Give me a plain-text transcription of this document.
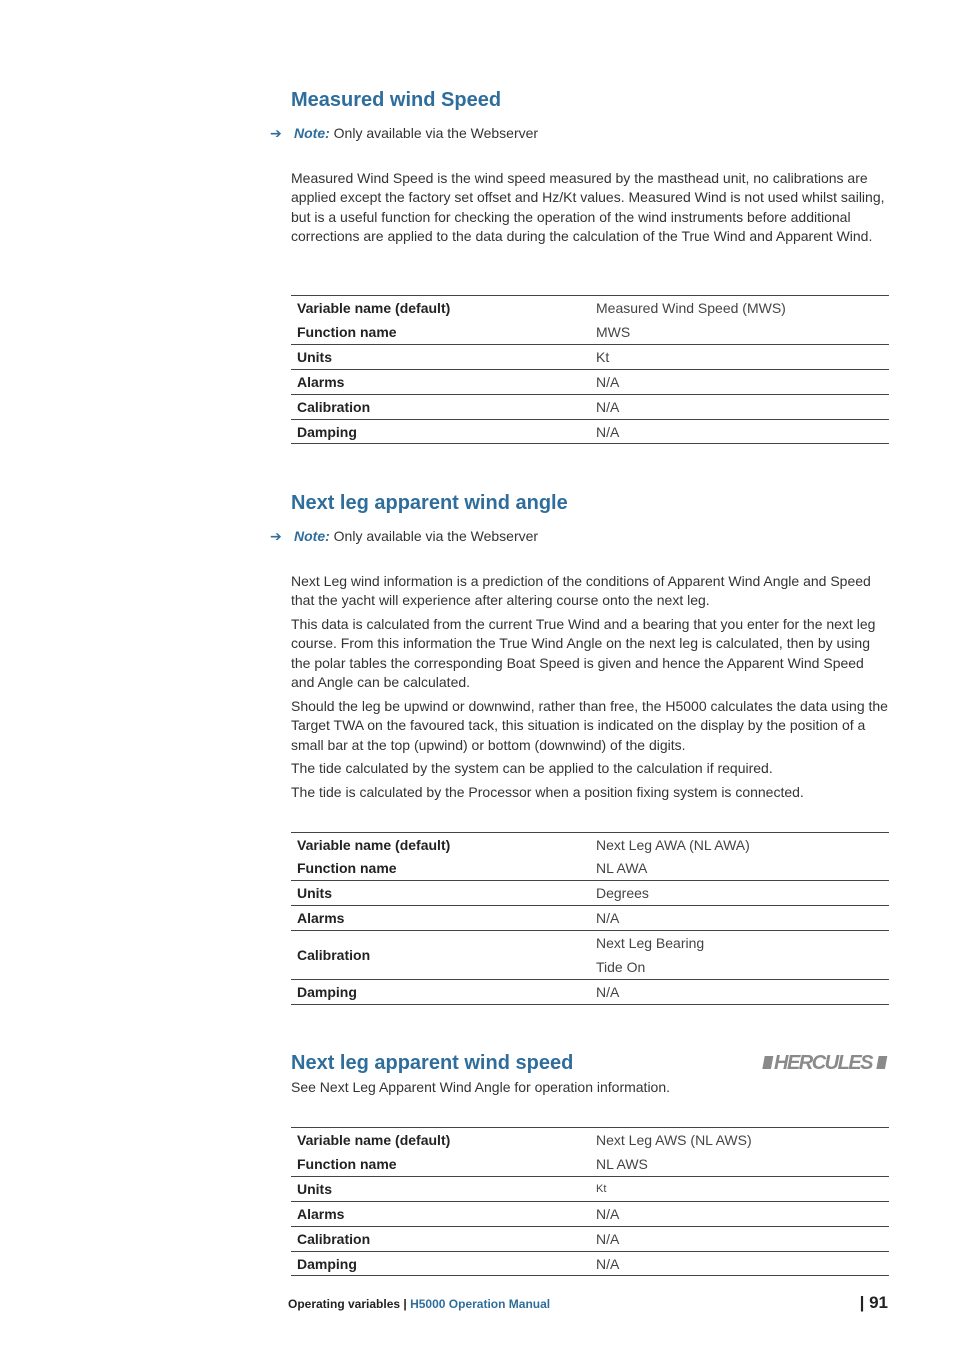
Measured wind Speed
➔ Note: Only available via the Webserver

Measured Wind Speed is the wind speed measured by the masthead unit, no calibrations are applied except the factory set offset and Hz/Kt values. Measured Wind is not used whilst sailing, but is a useful function for checking the operation of the wind instruments before additional corrections are applied to the data during the calculation of the True Wind and Apparent Wind.

Variable name (default)	Measured Wind Speed (MWS)
Function name	MWS
Units	Kt
Alarms	N/A
Calibration	N/A
Damping	N/A
Next leg apparent wind angle
➔ Note: Only available via the Webserver

Next Leg wind information is a prediction of the conditions of Apparent Wind Angle and Speed that the yacht will experience after altering course onto the next leg.

This data is calculated from the current True Wind and a bearing that you enter for the next leg course. From this information the True Wind Angle on the next leg is calculated, then by using the polar tables the corresponding Boat Speed is given and hence the Apparent Wind Speed and Angle can be calculated.

Should the leg be upwind or downwind, rather than free, the H5000 calculates the data using the Target TWA on the favoured tack, this situation is indicated on the display by the position of a small bar at the top (upwind) or bottom (downwind) of the digits.

The tide calculated by the system can be applied to the calculation if required.

The tide is calculated by the Processor when a position fixing system is connected.

Variable name (default)	Next Leg AWA (NL AWA)
Function name	NL AWA
Units	Degrees
Alarms	N/A
Calibration	Next Leg Bearing
Tide On

Damping	N/A
Next leg apparent wind speed	IIII HERCULES IIII

See Next Leg Apparent Wind Angle for operation information.

Variable name (default)	Next Leg AWS (NL AWS)
Function name	NL AWS
Units	Kt
Alarms	N/A
Calibration	N/A
Damping	N/A
Operating variables | H5000 Operation Manual	| 91
